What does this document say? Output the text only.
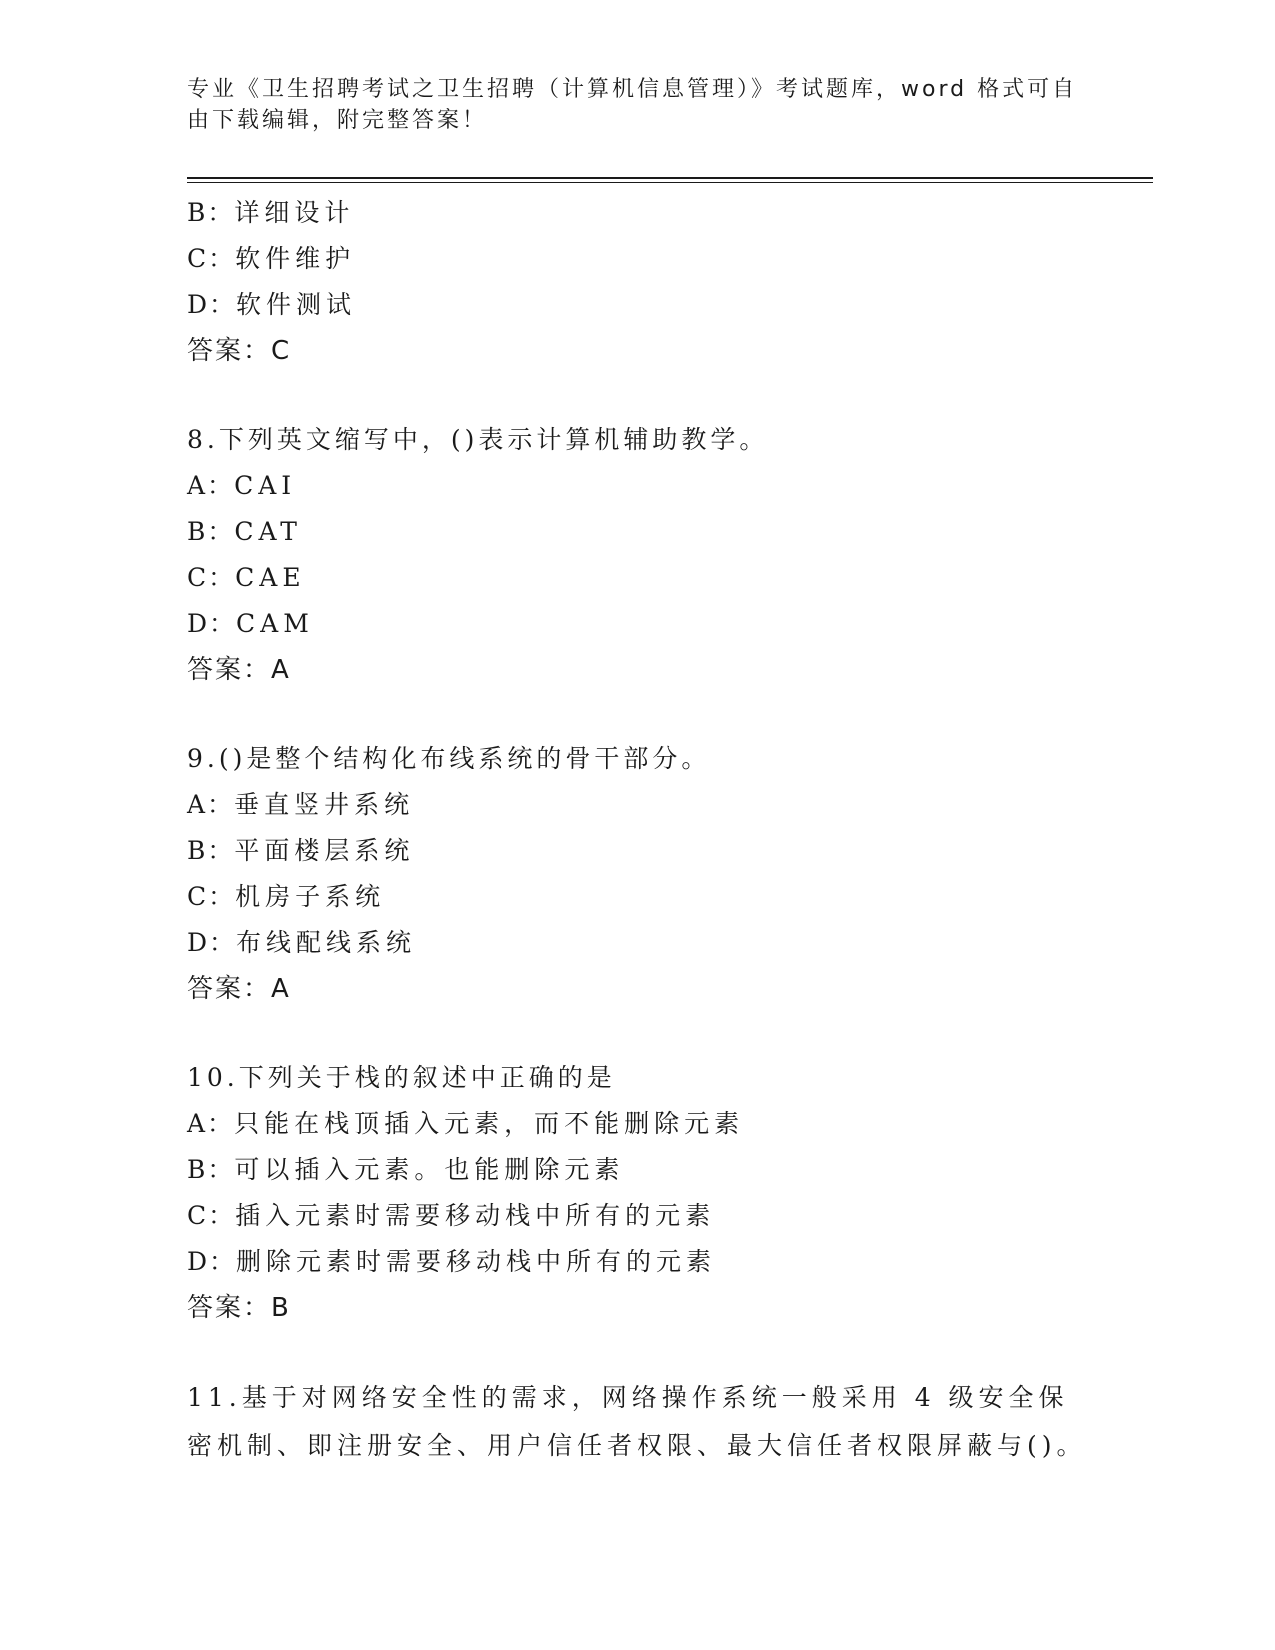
专业《卫生招聘考试之卫生招聘（计算机信息管理）》考试题库，word 格式可自由下载编辑，附完整答案！
B：详细设计
C：软件维护
D：软件测试
答案：C
8.下列英文缩写中，()表示计算机辅助教学。
A：CAI
B：CAT
C：CAE
D：CAM
答案：A
9.()是整个结构化布线系统的骨干部分。
A：垂直竖井系统
B：平面楼层系统
C：机房子系统
D：布线配线系统
答案：A
10.下列关于栈的叙述中正确的是
A：只能在栈顶插入元素，而不能删除元素
B：可以插入元素。也能删除元素
C：插入元素时需要移动栈中所有的元素
D：删除元素时需要移动栈中所有的元素
答案：B
11.基于对网络安全性的需求，网络操作系统一般采用 4 级安全保密机制、即注册安全、用户信任者权限、最大信任者权限屏蔽与()。
